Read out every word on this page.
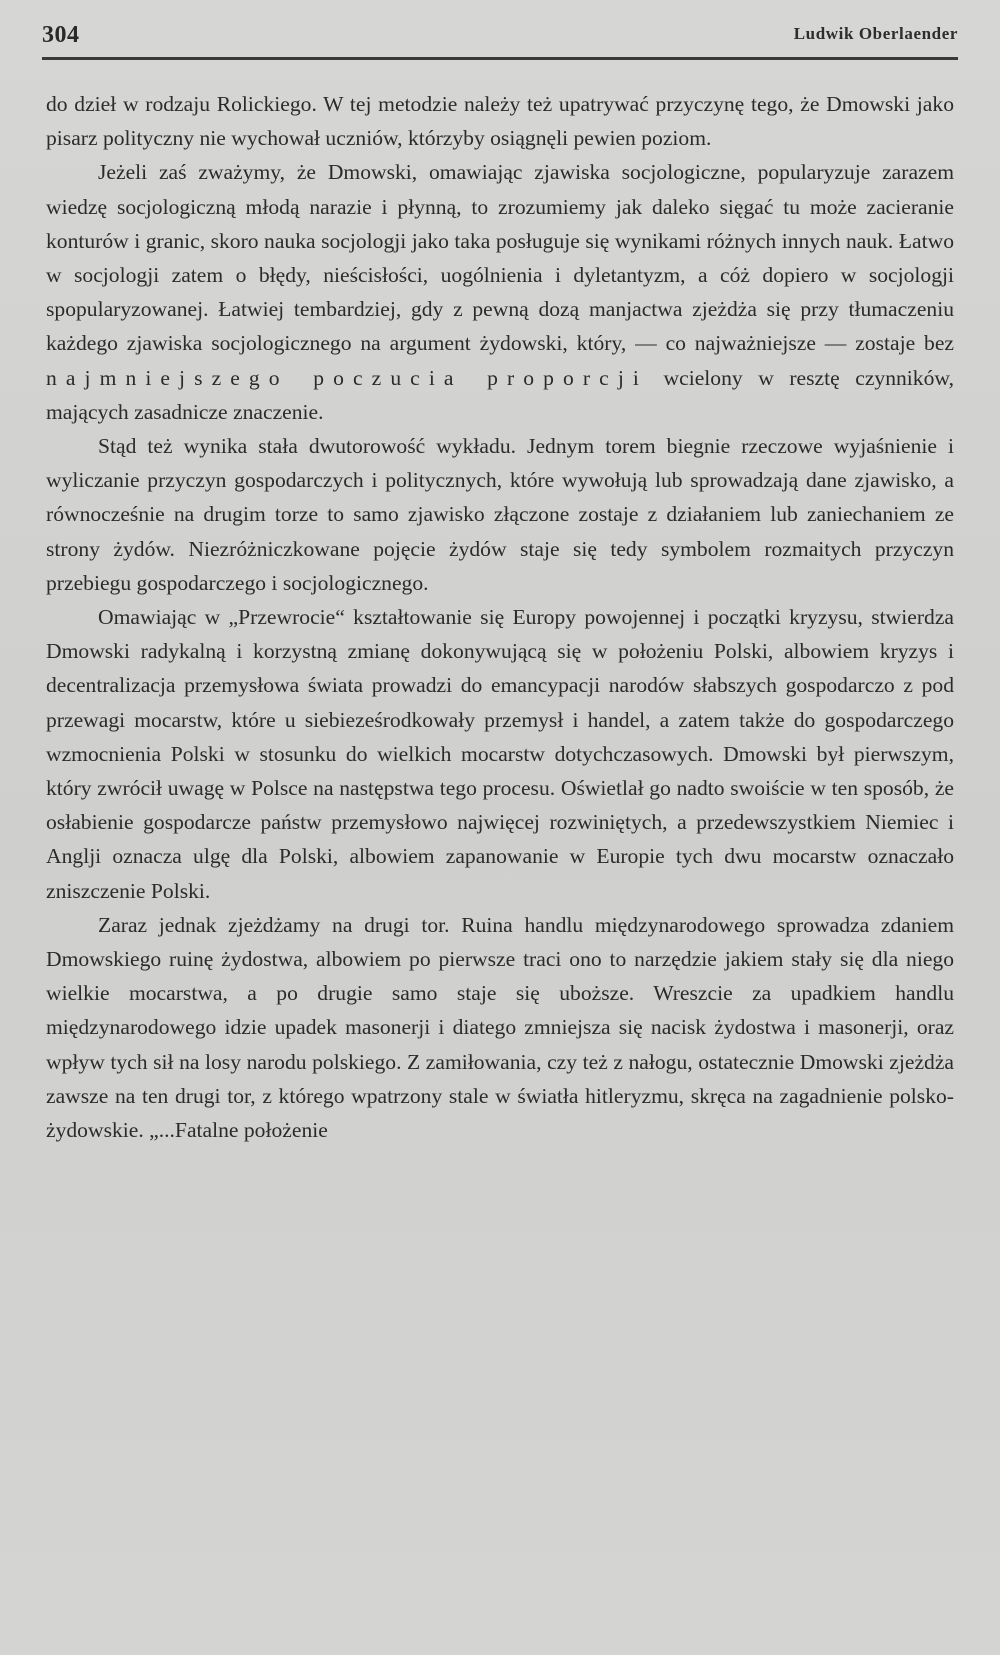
304	Ludwik Oberlaender

do dzieł w rodzaju Rolickiego. W tej metodzie należy też upatrywać przyczynę tego, że Dmowski jako pisarz polityczny nie wychował uczniów, którzyby osiągnęli pewien poziom.

Jeżeli zaś zważymy, że Dmowski, omawiając zjawiska socjologiczne, popularyzuje zarazem wiedzę socjologiczną młodą narazie i płynną, to zrozumiemy jak daleko sięgać tu może zacieranie konturów i granic, skoro nauka socjologji jako taka posługuje się wynikami różnych innych nauk. Łatwo w socjologji zatem o błędy, nieścisłości, uogólnienia i dyletantyzm, a cóż dopiero w socjologji spopularyzowanej. Łatwiej tembardziej, gdy z pewną dozą manjactwa zjeżdża się przy tłumaczeniu każdego zjawiska socjologicznego na argument żydowski, który, — co najważniejsze — zostaje bez najmniejszego poczucia proporcji wcielony w resztę czynników, mających zasadnicze znaczenie.

Stąd też wynika stała dwutorowość wykładu. Jednym torem biegnie rzeczowe wyjaśnienie i wyliczanie przyczyn gospodarczych i politycznych, które wywołują lub sprowadzają dane zjawisko, a równocześnie na drugim torze to samo zjawisko złączone zostaje z działaniem lub zaniechaniem ze strony żydów. Niezróżniczkowane pojęcie żydów staje się tedy symbolem rozmaitych przyczyn przebiegu gospodarczego i socjologicznego.

Omawiając w „Przewrocie“ kształtowanie się Europy powojennej i początki kryzysu, stwierdza Dmowski radykalną i korzystną zmianę dokonywującą się w położeniu Polski, albowiem kryzys i decentralizacja przemysłowa świata prowadzi do emancypacji narodów słabszych gospodarczo z pod przewagi mocarstw, które u siebieześrodkowały przemysł i handel, a zatem także do gospodarczego wzmocnienia Polski w stosunku do wielkich mocarstw dotychczasowych. Dmowski był pierwszym, który zwrócił uwagę w Polsce na następstwa tego procesu. Oświetlał go nadto swoiście w ten sposób, że osłabienie gospodarcze państw przemysłowo najwięcej rozwiniętych, a przedewszystkiem Niemiec i Anglji oznacza ulgę dla Polski, albowiem zapanowanie w Europie tych dwu mocarstw oznaczało zniszczenie Polski.

Zaraz jednak zjeżdżamy na drugi tor. Ruina handlu międzynarodowego sprowadza zdaniem Dmowskiego ruinę żydostwa, albowiem po pierwsze traci ono to narzędzie jakiem stały się dla niego wielkie mocarstwa, a po drugie samo staje się uboższe. Wreszcie za upadkiem handlu międzynarodowego idzie upadek masonerji i diatego zmniejsza się nacisk żydostwa i masonerji, oraz wpływ tych sił na losy narodu polskiego. Z zamiłowania, czy też z nałogu, ostatecznie Dmowski zjeżdża zawsze na ten drugi tor, z którego wpatrzony stale w światła hitleryzmu, skręca na zagadnienie polsko-żydowskie. „...Fatalne położenie
